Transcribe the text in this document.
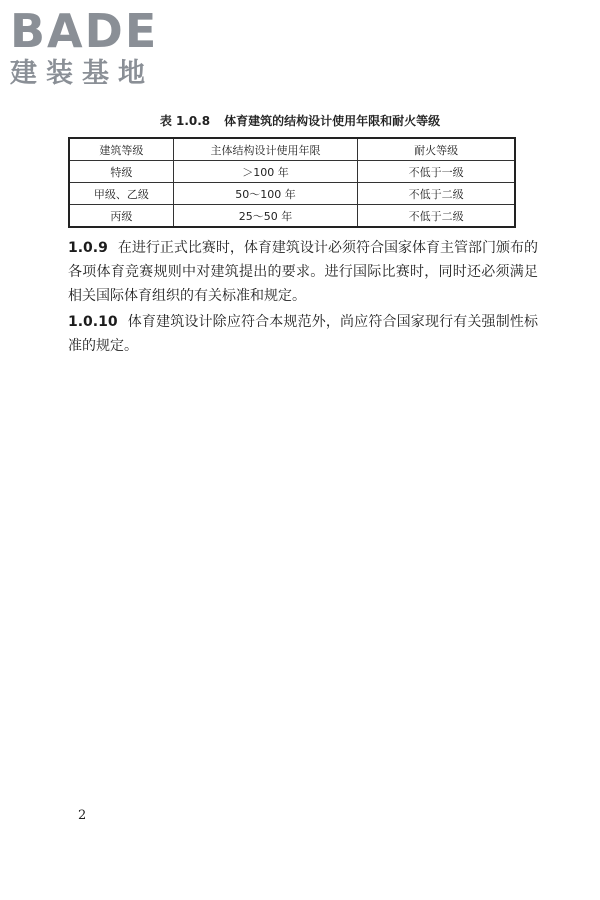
BADE
建装基地
表 1.0.8 体育建筑的结构设计使用年限和耐火等级
建筑等级	主体结构设计使用年限	耐火等级
特级	＞100 年	不低于一级
甲级、乙级	50～100 年	不低于二级
丙级	25～50 年	不低于二级
1.0.9 在进行正式比赛时，体育建筑设计必须符合国家体育主管部门颁布的各项体育竞赛规则中对建筑提出的要求。进行国际比赛时，同时还必须满足相关国际体育组织的有关标准和规定。
1.0.10 体育建筑设计除应符合本规范外，尚应符合国家现行有关强制性标准的规定。
2
